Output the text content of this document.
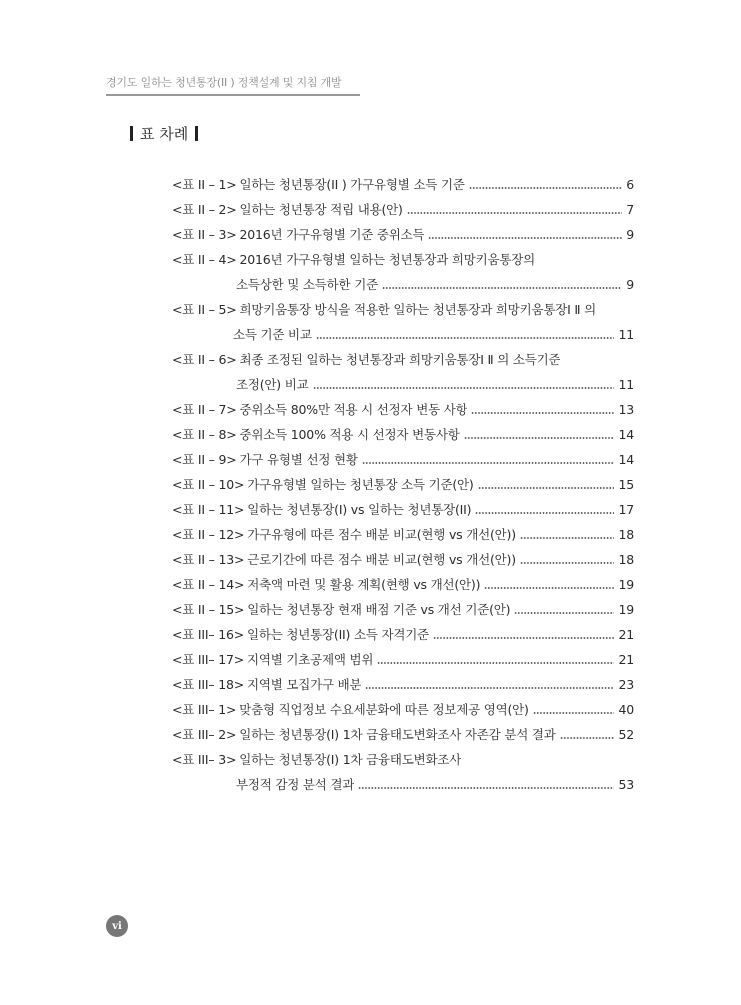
경기도 일하는 청년통장(II ) 정책설계 및 지침 개발
표 차례
<표 II – 1> 일하는 청년통장(II ) 가구유형별 소득 기준	6
<표 II – 2> 일하는 청년통장 적립 내용(안)	7
<표 II – 3> 2016년 가구유형별 기준 중위소득	9
<표 II – 4> 2016년 가구유형별 일하는 청년통장과 희망키움통장의
소득상한 및 소득하한 기준	9
<표 II – 5> 희망키움통장 방식을 적용한 일하는 청년통장과 희망키움통장Ⅰ Ⅱ 의
소득 기준 비교	11
<표 II – 6> 최종 조정된 일하는 청년통장과 희망키움통장Ⅰ Ⅱ 의 소득기준
조정(안) 비교	11
<표 II – 7> 중위소득 80%만 적용 시 선정자 변동 사항	13
<표 II – 8> 중위소득 100% 적용 시 선정자 변동사항	14
<표 II – 9> 가구 유형별 선정 현황	14
<표 II – 10> 가구유형별 일하는 청년통장 소득 기준(안)	15
<표 II – 11> 일하는 청년통장(I) vs 일하는 청년통장(II)	17
<표 II – 12> 가구유형에 따른 점수 배분 비교(현행 vs 개선(안))	18
<표 II – 13> 근로기간에 따른 점수 배분 비교(현행 vs 개선(안))	18
<표 II – 14> 저축액 마련 및 활용 계획(현행 vs 개선(안))	19
<표 II – 15> 일하는 청년통장 현재 배점 기준 vs 개선 기준(안)	19
<표 III– 16> 일하는 청년통장(II) 소득 자격기준	21
<표 III– 17> 지역별 기초공제액 범위	21
<표 III– 18> 지역별 모집가구 배분	23
<표 III– 1> 맞춤형 직업정보 수요세분화에 따른 정보제공 영역(안)	40
<표 III– 2> 일하는 청년통장(I) 1차 금융태도변화조사 자존감 분석 결과	52
<표 III– 3> 일하는 청년통장(I) 1차 금융태도변화조사
부정적 감정 분석 결과	53
vi
